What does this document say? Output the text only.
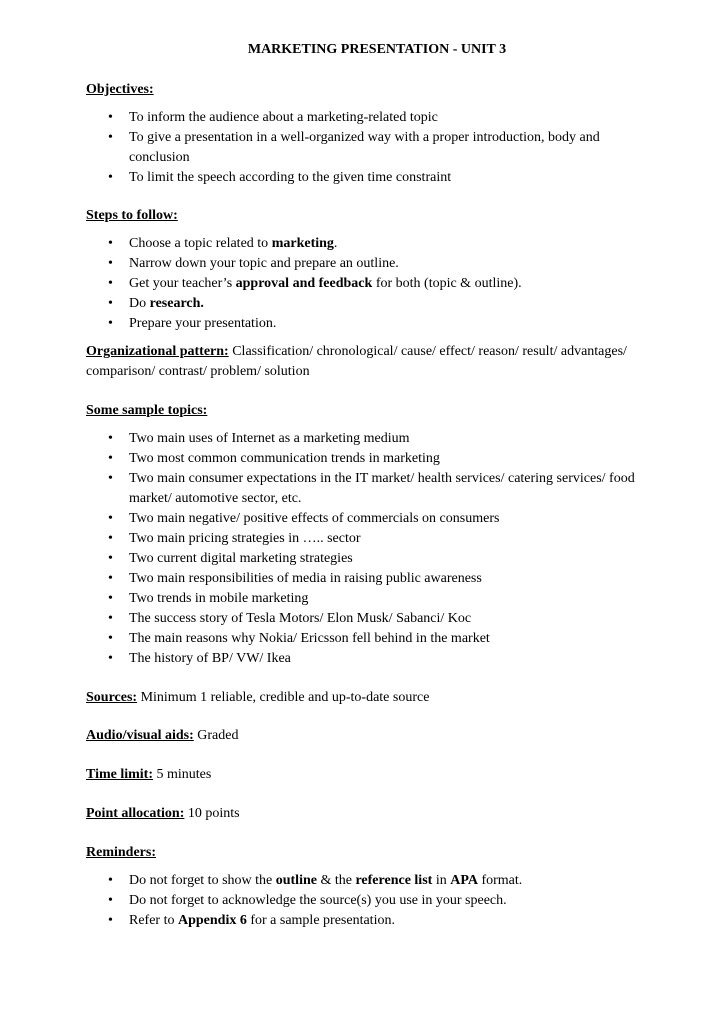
MARKETING PRESENTATION - UNIT 3
Objectives:
• To inform the audience about a marketing-related topic
• To give a presentation in a well-organized way with a proper introduction, body and conclusion
• To limit the speech according to the given time constraint
Steps to follow:
• Choose a topic related to marketing.
• Narrow down your topic and prepare an outline.
• Get your teacher’s approval and feedback for both (topic & outline).
• Do research.
• Prepare your presentation.
Organizational pattern: Classification/ chronological/ cause/ effect/ reason/ result/ advantages/ comparison/ contrast/ problem/ solution
Some sample topics:
• Two main uses of Internet as a marketing medium
• Two most common communication trends in marketing
• Two main consumer expectations in the IT market/ health services/ catering services/ food market/ automotive sector, etc.
• Two main negative/ positive effects of commercials on consumers
• Two main pricing strategies in ….. sector
• Two current digital marketing strategies
• Two main responsibilities of media in raising public awareness
• Two trends in mobile marketing
• The success story of Tesla Motors/ Elon Musk/ Sabanci/ Koc
• The main reasons why Nokia/ Ericsson fell behind in the market
• The history of BP/ VW/ Ikea
Sources: Minimum 1 reliable, credible and up-to-date source
Audio/visual aids: Graded
Time limit: 5 minutes
Point allocation: 10 points
Reminders:
• Do not forget to show the outline & the reference list in APA format.
• Do not forget to acknowledge the source(s) you use in your speech.
• Refer to Appendix 6 for a sample presentation.
